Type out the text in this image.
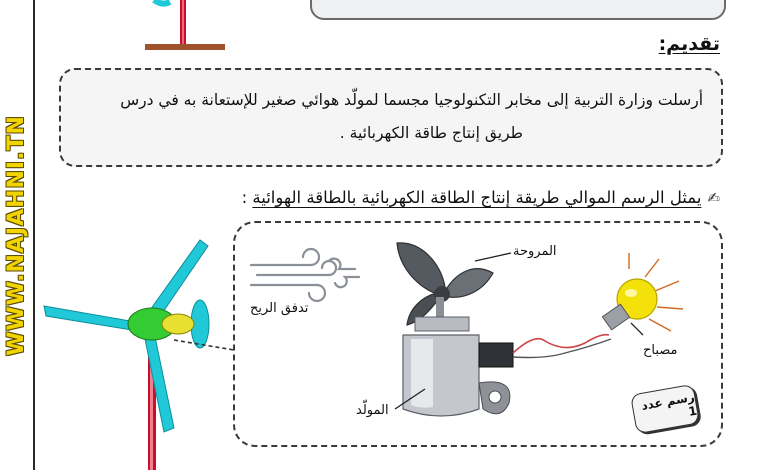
WWW.NAJAHNI.TN
تقديم:
أرسلت وزارة التربية إلى مخابر التكنولوجيا مجسما لمولّد هوائي صغير للإستعانة به في درس
طريق إنتاج طاقة الكهربائية .
✍يمثل الرسم الموالي طريقة إنتاج الطاقة الكهربائية بالطاقة الهوائية :
المروحة
تدفق الريح
مصباح
المولّد	رسم عدد 1
